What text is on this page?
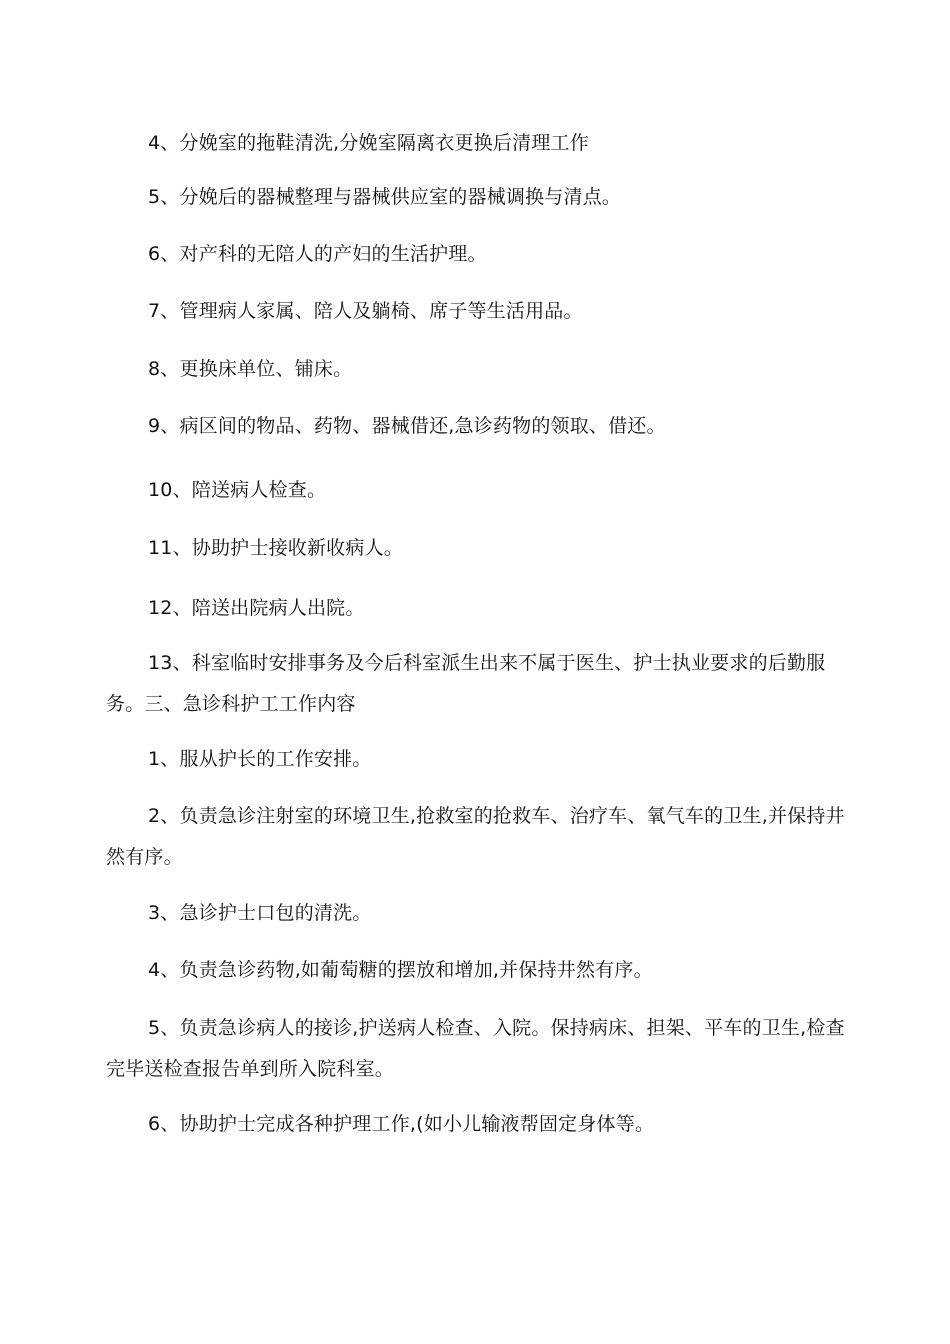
4、分娩室的拖鞋清洗,分娩室隔离衣更换后清理工作

5、分娩后的器械整理与器械供应室的器械调换与清点。

6、对产科的无陪人的产妇的生活护理。

7、管理病人家属、陪人及躺椅、席子等生活用品。

8、更换床单位、铺床。

9、病区间的物品、药物、器械借还,急诊药物的领取、借还。

10、陪送病人检查。

11、协助护士接收新收病人。

12、陪送出院病人出院。

13、科室临时安排事务及今后科室派生出来不属于医生、护士执业要求的后勤服务。三、急诊科护工工作内容

1、服从护长的工作安排。

2、负责急诊注射室的环境卫生,抢救室的抢救车、治疗车、氧气车的卫生,并保持井然有序。

3、急诊护士口包的清洗。

4、负责急诊药物,如葡萄糖的摆放和增加,并保持井然有序。

5、负责急诊病人的接诊,护送病人检查、入院。保持病床、担架、平车的卫生,检查完毕送检查报告单到所入院科室。

6、协助护士完成各种护理工作,(如小儿输液帮固定身体等。
